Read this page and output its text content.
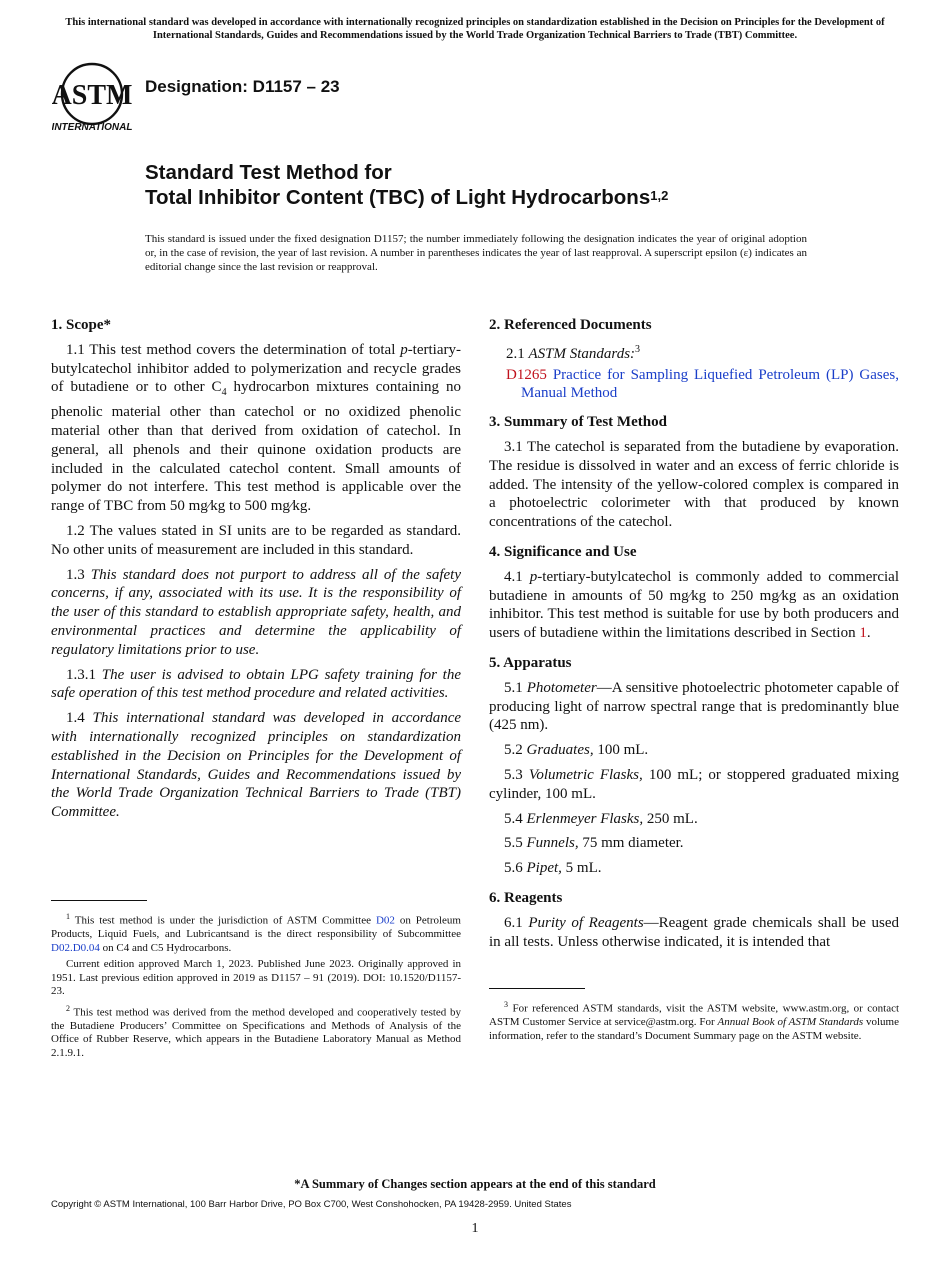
This international standard was developed in accordance with internationally recognized principles on standardization established in the Decision on Principles for the Development of International Standards, Guides and Recommendations issued by the World Trade Organization Technical Barriers to Trade (TBT) Committee.
ASTM
INTERNATIONAL
Designation: D1157 – 23
Standard Test Method for
Total Inhibitor Content (TBC) of Light Hydrocarbons$^{1,2}$
This standard is issued under the fixed designation D1157; the number immediately following the designation indicates the year of original adoption or, in the case of revision, the year of last revision. A number in parentheses indicates the year of last reapproval. A superscript epsilon (ε) indicates an editorial change since the last revision or reapproval.
1. Scope*

1.1 This test method covers the determination of total p-tertiary-butylcatechol inhibitor added to polymerization and recycle grades of butadiene or to other $C_4$ hydrocarbon mixtures containing no phenolic material other than catechol or no oxidized phenolic material other than that derived from oxidation of catechol. In general, all phenols and their quinone oxidation products are included in the calculated catechol content. Small amounts of polymer do not interfere. This test method is applicable over the range of TBC from 50 mg⁄kg to 500 mg⁄kg.

1.2 The values stated in SI units are to be regarded as standard. No other units of measurement are included in this standard.

1.3 This standard does not purport to address all of the safety concerns, if any, associated with its use. It is the responsibility of the user of this standard to establish appropriate safety, health, and environmental practices and determine the applicability of regulatory limitations prior to use.

1.3.1 The user is advised to obtain LPG safety training for the safe operation of this test method procedure and related activities.

1.4 This international standard was developed in accordance with internationally recognized principles on standardization established in the Decision on Principles for the Development of International Standards, Guides and Recommendations issued by the World Trade Organization Technical Barriers to Trade (TBT) Committee.

$^1$ This test method is under the jurisdiction of ASTM Committee D02 on Petroleum Products, Liquid Fuels, and Lubricantsand is the direct responsibility of Subcommittee D02.D0.04 on C4 and C5 Hydrocarbons.

Current edition approved March 1, 2023. Published June 2023. Originally approved in 1951. Last previous edition approved in 2019 as D1157 – 91 (2019). DOI: 10.1520/D1157-23.

$^2$ This test method was derived from the method developed and cooperatively tested by the Butadiene Producers’ Committee on Specifications and Methods of Analysis of the Office of Rubber Reserve, which appears in the Butadiene Laboratory Manual as Method 2.1.9.1.

2. Referenced Documents
2.1 ASTM Standards:$^3$
D1265 Practice for Sampling Liquefied Petroleum (LP) Gases, Manual Method
3. Summary of Test Method

3.1 The catechol is separated from the butadiene by evaporation. The residue is dissolved in water and an excess of ferric chloride is added. The intensity of the yellow-colored complex is compared in a photoelectric colorimeter with that produced by known concentrations of the catechol.

4. Significance and Use

4.1 p-tertiary-butylcatechol is commonly added to commercial butadiene in amounts of 50 mg⁄kg to 250 mg⁄kg as an oxidation inhibitor. This test method is suitable for use by both producers and users of butadiene within the limitations described in Section 1.

5. Apparatus

5.1 Photometer—A sensitive photoelectric photometer capable of producing light of narrow spectral range that is predominantly blue (425 nm).

5.2 Graduates, 100 mL.

5.3 Volumetric Flasks, 100 mL; or stoppered graduated mixing cylinder, 100 mL.

5.4 Erlenmeyer Flasks, 250 mL.

5.5 Funnels, 75 mm diameter.

5.6 Pipet, 5 mL.

6. Reagents

6.1 Purity of Reagents—Reagent grade chemicals shall be used in all tests. Unless otherwise indicated, it is intended that

$^3$ For referenced ASTM standards, visit the ASTM website, www.astm.org, or contact ASTM Customer Service at service@astm.org. For Annual Book of ASTM Standards volume information, refer to the standard’s Document Summary page on the ASTM website.

*A Summary of Changes section appears at the end of this standard
Copyright © ASTM International, 100 Barr Harbor Drive, PO Box C700, West Conshohocken, PA 19428-2959. United States
1
